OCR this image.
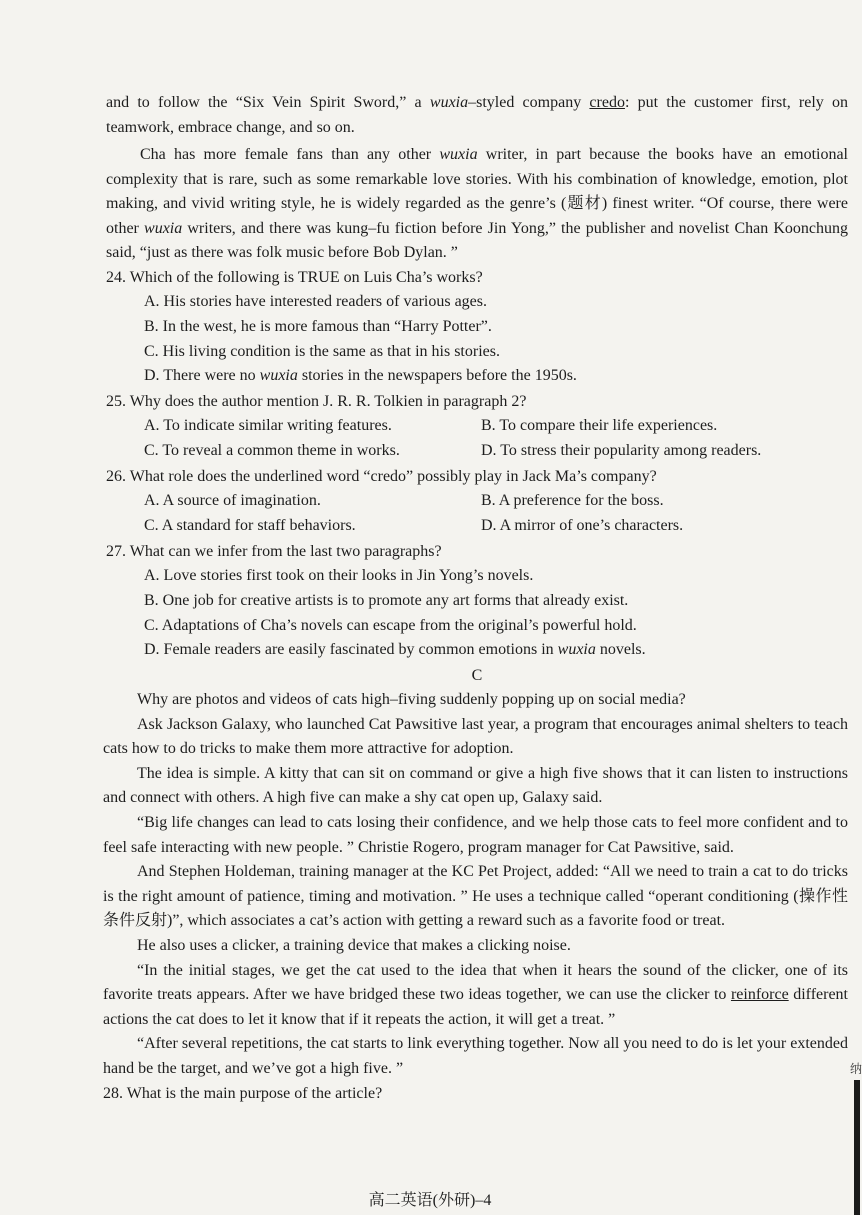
and to follow the “Six Vein Spirit Sword,” a wuxia–styled company credo: put the customer first, rely on teamwork, embrace change, and so on.

Cha has more female fans than any other wuxia writer, in part because the books have an emotional complexity that is rare, such as some remarkable love stories. With his combination of knowledge, emotion, plot making, and vivid writing style, he is widely regarded as the genre’s (题材) finest writer. “Of course, there were other wuxia writers, and there was kung–fu fiction before Jin Yong,” the publisher and novelist Chan Koonchung said, “just as there was folk music before Bob Dylan. ”

24. Which of the following is TRUE on Luis Cha’s works?

A. His stories have interested readers of various ages.

B. In the west, he is more famous than “Harry Potter”.

C. His living condition is the same as that in his stories.

D. There were no wuxia stories in the newspapers before the 1950s.

25. Why does the author mention J. R. R. Tolkien in paragraph 2?

A. To indicate similar writing features.	B. To compare their life experiences.
C. To reveal a common theme in works.	D. To stress their popularity among readers.

26. What role does the underlined word “credo” possibly play in Jack Ma’s company?

A. A source of imagination.	B. A preference for the boss.
C. A standard for staff behaviors.	D. A mirror of one’s characters.

27. What can we infer from the last two paragraphs?

A. Love stories first took on their looks in Jin Yong’s novels.

B. One job for creative artists is to promote any art forms that already exist.

C. Adaptations of Cha’s novels can escape from the original’s powerful hold.

D. Female readers are easily fascinated by common emotions in wuxia novels.

C

Why are photos and videos of cats high–fiving suddenly popping up on social media?

Ask Jackson Galaxy, who launched Cat Pawsitive last year, a program that encourages animal shelters to teach cats how to do tricks to make them more attractive for adoption.

The idea is simple. A kitty that can sit on command or give a high five shows that it can listen to instructions and connect with others. A high five can make a shy cat open up, Galaxy said.

“Big life changes can lead to cats losing their confidence, and we help those cats to feel more confident and to feel safe interacting with new people. ” Christie Rogero, program manager for Cat Pawsitive, said.

And Stephen Holdeman, training manager at the KC Pet Project, added: “All we need to train a cat to do tricks is the right amount of patience, timing and motivation. ” He uses a technique called “operant conditioning (操作性条件反射)”, which associates a cat’s action with getting a reward such as a favorite food or treat.

He also uses a clicker, a training device that makes a clicking noise.

“In the initial stages, we get the cat used to the idea that when it hears the sound of the clicker, one of its favorite treats appears. After we have bridged these two ideas together, we can use the clicker to reinforce different actions the cat does to let it know that if it repeats the action, it will get a treat. ”

“After several repetitions, the cat starts to link everything together. Now all you need to do is let your extended hand be the target, and we’ve got a high five. ”

28. What is the main purpose of the article?

高二英语(外研)–4
纳
